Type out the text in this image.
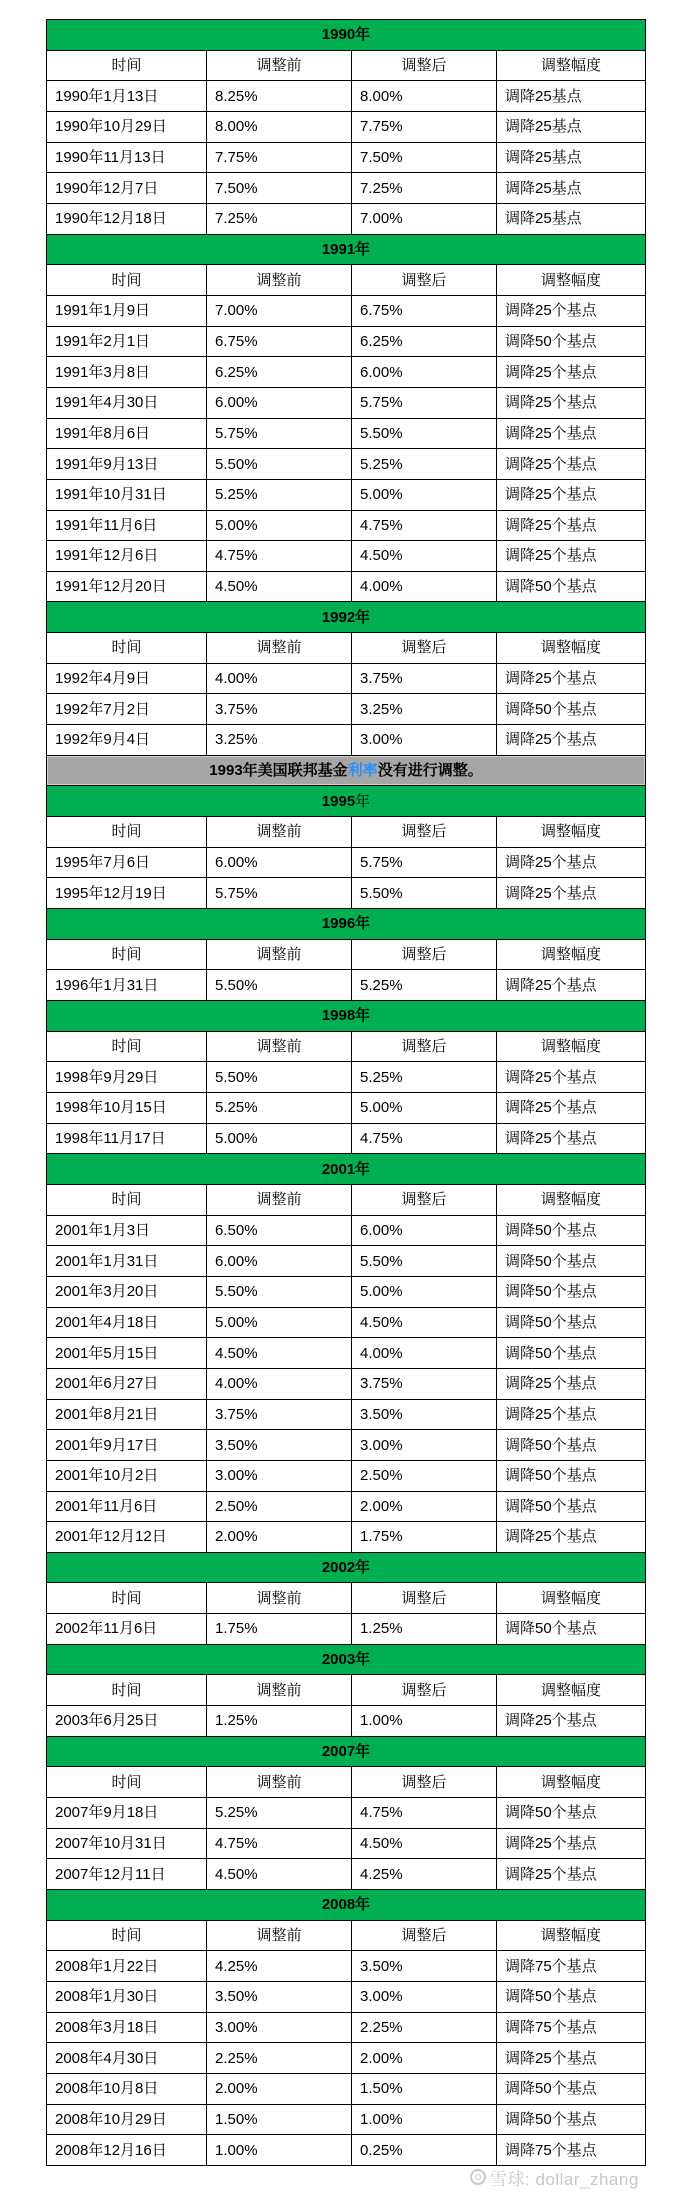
1990年			
时间	调整前	调整后	调整幅度
1990年1月13日	8.25%	8.00%	调降25基点
1990年10月29日	8.00%	7.75%	调降25基点
1990年11月13日	7.75%	7.50%	调降25基点
1990年12月7日	7.50%	7.25%	调降25基点
1990年12月18日	7.25%	7.00%	调降25基点
1991年			
时间	调整前	调整后	调整幅度
1991年1月9日	7.00%	6.75%	调降25个基点
1991年2月1日	6.75%	6.25%	调降50个基点
1991年3月8日	6.25%	6.00%	调降25个基点
1991年4月30日	6.00%	5.75%	调降25个基点
1991年8月6日	5.75%	5.50%	调降25个基点
1991年9月13日	5.50%	5.25%	调降25个基点
1991年10月31日	5.25%	5.00%	调降25个基点
1991年11月6日	5.00%	4.75%	调降25个基点
1991年12月6日	4.75%	4.50%	调降25个基点
1991年12月20日	4.50%	4.00%	调降50个基点
1992年			
时间	调整前	调整后	调整幅度
1992年4月9日	4.00%	3.75%	调降25个基点
1992年7月2日	3.75%	3.25%	调降50个基点
1992年9月4日	3.25%	3.00%	调降25个基点
1993年美国联邦基金利率没有进行调整。			
1995年			
时间	调整前	调整后	调整幅度
1995年7月6日	6.00%	5.75%	调降25个基点
1995年12月19日	5.75%	5.50%	调降25个基点
1996年			
时间	调整前	调整后	调整幅度
1996年1月31日	5.50%	5.25%	调降25个基点
1998年			
时间	调整前	调整后	调整幅度
1998年9月29日	5.50%	5.25%	调降25个基点
1998年10月15日	5.25%	5.00%	调降25个基点
1998年11月17日	5.00%	4.75%	调降25个基点
2001年			
时间	调整前	调整后	调整幅度
2001年1月3日	6.50%	6.00%	调降50个基点
2001年1月31日	6.00%	5.50%	调降50个基点
2001年3月20日	5.50%	5.00%	调降50个基点
2001年4月18日	5.00%	4.50%	调降50个基点
2001年5月15日	4.50%	4.00%	调降50个基点
2001年6月27日	4.00%	3.75%	调降25个基点
2001年8月21日	3.75%	3.50%	调降25个基点
2001年9月17日	3.50%	3.00%	调降50个基点
2001年10月2日	3.00%	2.50%	调降50个基点
2001年11月6日	2.50%	2.00%	调降50个基点
2001年12月12日	2.00%	1.75%	调降25个基点
2002年			
时间	调整前	调整后	调整幅度
2002年11月6日	1.75%	1.25%	调降50个基点
2003年			
时间	调整前	调整后	调整幅度
2003年6月25日	1.25%	1.00%	调降25个基点
2007年			
时间	调整前	调整后	调整幅度
2007年9月18日	5.25%	4.75%	调降50个基点
2007年10月31日	4.75%	4.50%	调降25个基点
2007年12月11日	4.50%	4.25%	调降25个基点
2008年			
时间	调整前	调整后	调整幅度
2008年1月22日	4.25%	3.50%	调降75个基点
2008年1月30日	3.50%	3.00%	调降50个基点
2008年3月18日	3.00%	2.25%	调降75个基点
2008年4月30日	2.25%	2.00%	调降25个基点
2008年10月8日	2.00%	1.50%	调降50个基点
2008年10月29日	1.50%	1.00%	调降50个基点
2008年12月16日	1.00%	0.25%	调降75个基点
雪球: dollar_zhang
